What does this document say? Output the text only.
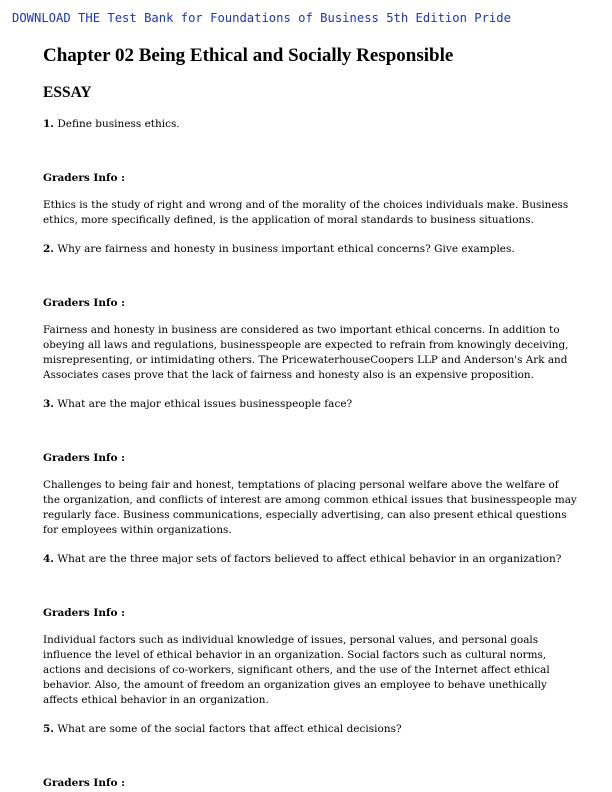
DOWNLOAD THE Test Bank for Foundations of Business 5th Edition Pride
Chapter 02 Being Ethical and Socially Responsible
ESSAY

1. Define business ethics.

Graders Info :

Ethics is the study of right and wrong and of the morality of the choices individuals make. Business
ethics, more specifically defined, is the application of moral standards to business situations.

2. Why are fairness and honesty in business important ethical concerns? Give examples.

Graders Info :

Fairness and honesty in business are considered as two important ethical concerns. In addition to
obeying all laws and regulations, businesspeople are expected to refrain from knowingly deceiving,
misrepresenting, or intimidating others. The PricewaterhouseCoopers LLP and Anderson's Ark and
Associates cases prove that the lack of fairness and honesty also is an expensive proposition.

3. What are the major ethical issues businesspeople face?

Graders Info :

Challenges to being fair and honest, temptations of placing personal welfare above the welfare of
the organization, and conflicts of interest are among common ethical issues that businesspeople may
regularly face. Business communications, especially advertising, can also present ethical questions
for employees within organizations.

4. What are the three major sets of factors believed to affect ethical behavior in an organization?

Graders Info :

Individual factors such as individual knowledge of issues, personal values, and personal goals
influence the level of ethical behavior in an organization. Social factors such as cultural norms,
actions and decisions of co-workers, significant others, and the use of the Internet affect ethical
behavior. Also, the amount of freedom an organization gives an employee to behave unethically
affects ethical behavior in an organization.

5. What are some of the social factors that affect ethical decisions?

Graders Info :
